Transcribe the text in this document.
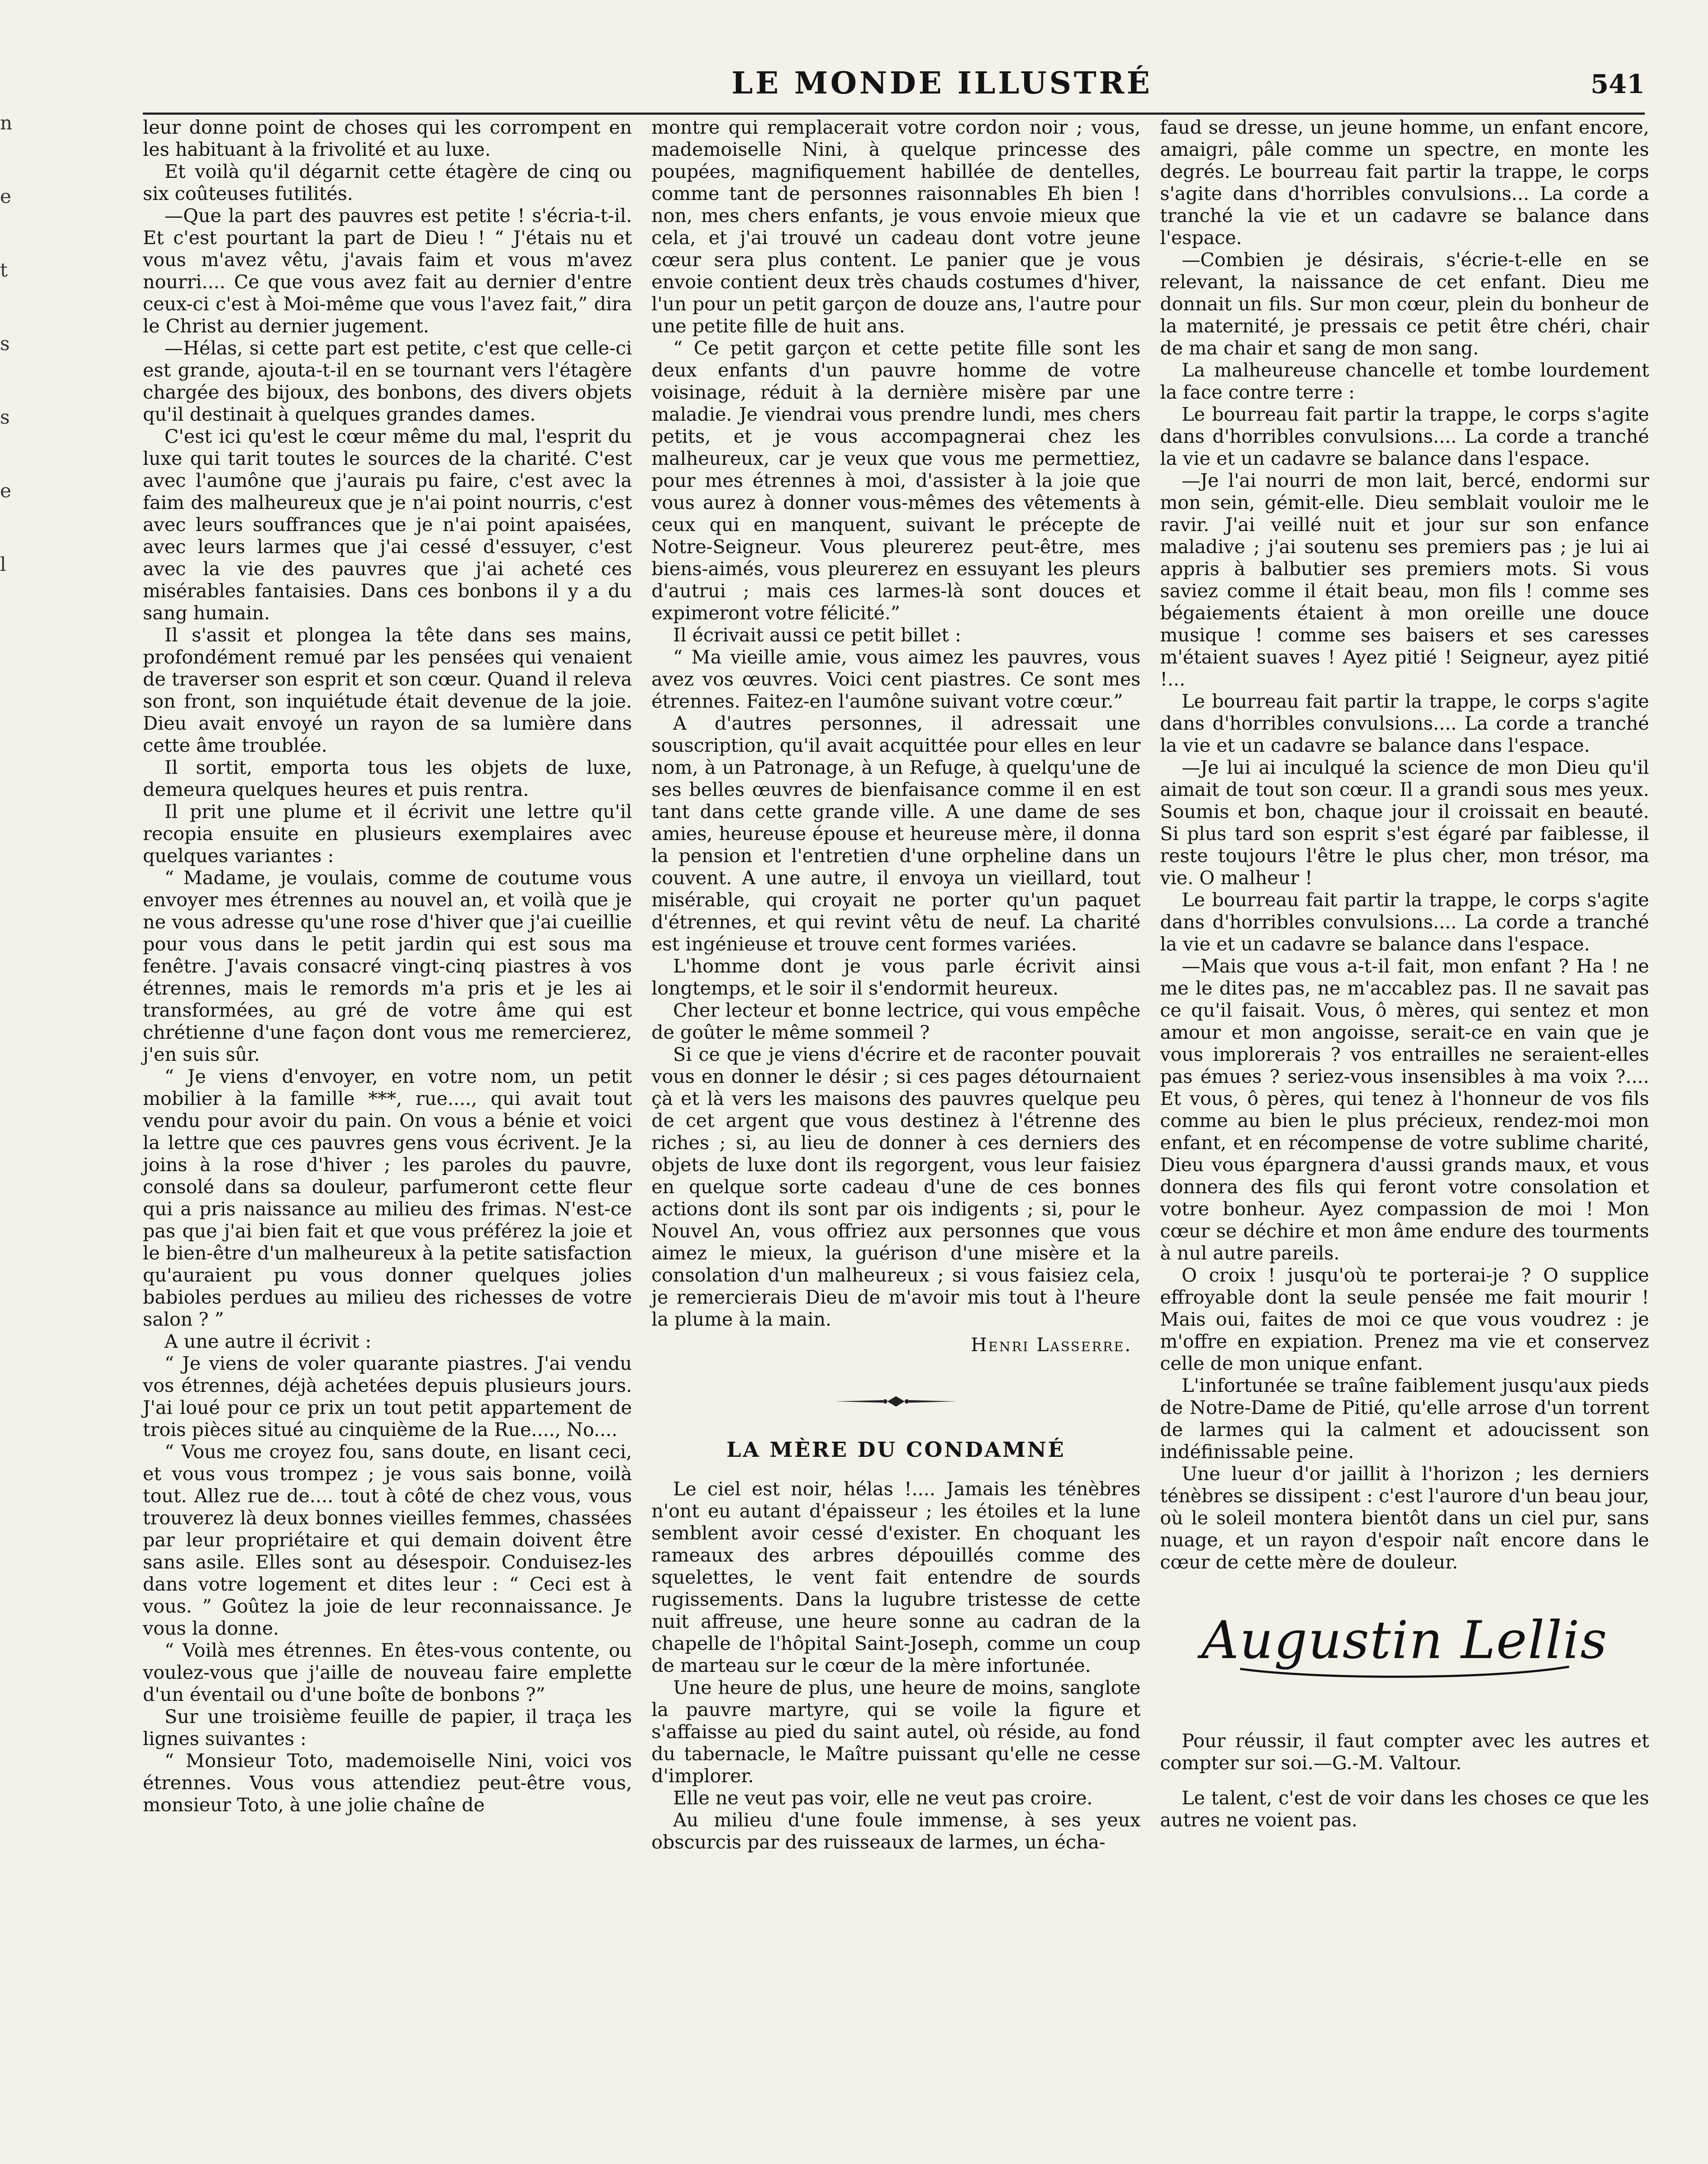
LE MONDE ILLUSTRÉ	541
n
e
t
s
s
e
l

leur donne point de choses qui les corrompent en les habituant à la frivolité et au luxe.

Et voilà qu'il dégarnit cette étagère de cinq ou six coûteuses futilités.

—Que la part des pauvres est petite ! s'écria-t-il. Et c'est pourtant la part de Dieu ! “ J'étais nu et vous m'avez vêtu, j'avais faim et vous m'avez nourri.... Ce que vous avez fait au dernier d'entre ceux-ci c'est à Moi-même que vous l'avez fait,” dira le Christ au dernier jugement.

—Hélas, si cette part est petite, c'est que celle-ci est grande, ajouta-t-il en se tournant vers l'étagère chargée des bijoux, des bonbons, des divers objets qu'il destinait à quelques grandes dames.

C'est ici qu'est le cœur même du mal, l'esprit du luxe qui tarit toutes le sources de la charité. C'est avec l'aumône que j'aurais pu faire, c'est avec la faim des malheureux que je n'ai point nourris, c'est avec leurs souffrances que je n'ai point apaisées, avec leurs larmes que j'ai cessé d'essuyer, c'est avec la vie des pauvres que j'ai acheté ces misérables fantaisies. Dans ces bonbons il y a du sang humain.

Il s'assit et plongea la tête dans ses mains, profondément remué par les pensées qui venaient de traverser son esprit et son cœur. Quand il releva son front, son inquiétude était devenue de la joie. Dieu avait envoyé un rayon de sa lumière dans cette âme troublée.

Il sortit, emporta tous les objets de luxe, demeura quelques heures et puis rentra.

Il prit une plume et il écrivit une lettre qu'il recopia ensuite en plusieurs exemplaires avec quelques variantes :

“ Madame, je voulais, comme de coutume vous envoyer mes étrennes au nouvel an, et voilà que je ne vous adresse qu'une rose d'hiver que j'ai cueillie pour vous dans le petit jardin qui est sous ma fenêtre. J'avais consacré vingt-cinq piastres à vos étrennes, mais le remords m'a pris et je les ai transformées, au gré de votre âme qui est chrétienne d'une façon dont vous me remercierez, j'en suis sûr.

“ Je viens d'envoyer, en votre nom, un petit mobilier à la famille ***, rue...., qui avait tout vendu pour avoir du pain. On vous a bénie et voici la lettre que ces pauvres gens vous écrivent. Je la joins à la rose d'hiver ; les paroles du pauvre, consolé dans sa douleur, parfumeront cette fleur qui a pris naissance au milieu des frimas. N'est-ce pas que j'ai bien fait et que vous préférez la joie et le bien-être d'un malheureux à la petite satisfaction qu'auraient pu vous donner quelques jolies babioles perdues au milieu des richesses de votre salon ? ”

A une autre il écrivit :

“ Je viens de voler quarante piastres. J'ai vendu vos étrennes, déjà achetées depuis plusieurs jours. J'ai loué pour ce prix un tout petit appartement de trois pièces situé au cinquième de la Rue...., No....

“ Vous me croyez fou, sans doute, en lisant ceci, et vous vous trompez ; je vous sais bonne, voilà tout. Allez rue de.... tout à côté de chez vous, vous trouverez là deux bonnes vieilles femmes, chassées par leur propriétaire et qui demain doivent être sans asile. Elles sont au désespoir. Conduisez-les dans votre logement et dites leur : “ Ceci est à vous. ” Goûtez la joie de leur reconnaissance. Je vous la donne.

“ Voilà mes étrennes. En êtes-vous contente, ou voulez-vous que j'aille de nouveau faire emplette d'un éventail ou d'une boîte de bonbons ?”

Sur une troisième feuille de papier, il traça les lignes suivantes :

“ Monsieur Toto, mademoiselle Nini, voici vos étrennes. Vous vous attendiez peut-être vous, monsieur Toto, à une jolie chaîne de

montre qui remplacerait votre cordon noir ; vous, mademoiselle Nini, à quelque princesse des poupées, magnifiquement habillée de dentelles, comme tant de personnes raisonnables Eh bien ! non, mes chers enfants, je vous envoie mieux que cela, et j'ai trouvé un cadeau dont votre jeune cœur sera plus content. Le panier que je vous envoie contient deux très chauds costumes d'hiver, l'un pour un petit garçon de douze ans, l'autre pour une petite fille de huit ans.

“ Ce petit garçon et cette petite fille sont les deux enfants d'un pauvre homme de votre voisinage, réduit à la dernière misère par une maladie. Je viendrai vous prendre lundi, mes chers petits, et je vous accompagnerai chez les malheureux, car je veux que vous me permettiez, pour mes étrennes à moi, d'assister à la joie que vous aurez à donner vous-mêmes des vêtements à ceux qui en manquent, suivant le précepte de Notre-Seigneur. Vous pleurerez peut-être, mes biens-aimés, vous pleurerez en essuyant les pleurs d'autrui ; mais ces larmes-là sont douces et expimeront votre félicité.”

Il écrivait aussi ce petit billet :

“ Ma vieille amie, vous aimez les pauvres, vous avez vos œuvres. Voici cent piastres. Ce sont mes étrennes. Faitez-en l'aumône suivant votre cœur.”

A d'autres personnes, il adressait une souscription, qu'il avait acquittée pour elles en leur nom, à un Patronage, à un Refuge, à quelqu'une de ses belles œuvres de bienfaisance comme il en est tant dans cette grande ville. A une dame de ses amies, heureuse épouse et heureuse mère, il donna la pension et l'entretien d'une orpheline dans un couvent. A une autre, il envoya un vieillard, tout misérable, qui croyait ne porter qu'un paquet d'étrennes, et qui revint vêtu de neuf. La charité est ingénieuse et trouve cent formes variées.

L'homme dont je vous parle écrivit ainsi longtemps, et le soir il s'endormit heureux.

Cher lecteur et bonne lectrice, qui vous empêche de goûter le même sommeil ?

Si ce que je viens d'écrire et de raconter pouvait vous en donner le désir ; si ces pages détournaient çà et là vers les maisons des pauvres quelque peu de cet argent que vous destinez à l'étrenne des riches ; si, au lieu de donner à ces derniers des objets de luxe dont ils regorgent, vous leur faisiez en quelque sorte cadeau d'une de ces bonnes actions dont ils sont par ois indigents ; si, pour le Nouvel An, vous offriez aux personnes que vous aimez le mieux, la guérison d'une misère et la consolation d'un malheureux ; si vous faisiez cela, je remercierais Dieu de m'avoir mis tout à l'heure la plume à la main.

Henri Lasserre.
LA MÈRE DU CONDAMNÉ

Le ciel est noir, hélas !.... Jamais les ténèbres n'ont eu autant d'épaisseur ; les étoiles et la lune semblent avoir cessé d'exister. En choquant les rameaux des arbres dépouillés comme des squelettes, le vent fait entendre de sourds rugissements. Dans la lugubre tristesse de cette nuit affreuse, une heure sonne au cadran de la chapelle de l'hôpital Saint-Joseph, comme un coup de marteau sur le cœur de la mère infortunée.

Une heure de plus, une heure de moins, sanglote la pauvre martyre, qui se voile la figure et s'affaisse au pied du saint autel, où réside, au fond du tabernacle, le Maître puissant qu'elle ne cesse d'implorer.

Elle ne veut pas voir, elle ne veut pas croire.

Au milieu d'une foule immense, à ses yeux obscurcis par des ruisseaux de larmes, un écha-

faud se dresse, un jeune homme, un enfant encore, amaigri, pâle comme un spectre, en monte les degrés. Le bourreau fait partir la trappe, le corps s'agite dans d'horribles convulsions... La corde a tranché la vie et un cadavre se balance dans l'espace.

—Combien je désirais, s'écrie-t-elle en se relevant, la naissance de cet enfant. Dieu me donnait un fils. Sur mon cœur, plein du bonheur de la maternité, je pressais ce petit être chéri, chair de ma chair et sang de mon sang.

La malheureuse chancelle et tombe lourdement la face contre terre :

Le bourreau fait partir la trappe, le corps s'agite dans d'horribles convulsions.... La corde a tranché la vie et un cadavre se balance dans l'espace.

—Je l'ai nourri de mon lait, bercé, endormi sur mon sein, gémit-elle. Dieu semblait vouloir me le ravir. J'ai veillé nuit et jour sur son enfance maladive ; j'ai soutenu ses premiers pas ; je lui ai appris à balbutier ses premiers mots. Si vous saviez comme il était beau, mon fils ! comme ses bégaiements étaient à mon oreille une douce musique ! comme ses baisers et ses caresses m'étaient suaves ! Ayez pitié ! Seigneur, ayez pitié !...

Le bourreau fait partir la trappe, le corps s'agite dans d'horribles convulsions.... La corde a tranché la vie et un cadavre se balance dans l'espace.

—Je lui ai inculqué la science de mon Dieu qu'il aimait de tout son cœur. Il a grandi sous mes yeux. Soumis et bon, chaque jour il croissait en beauté. Si plus tard son esprit s'est égaré par faiblesse, il reste toujours l'être le plus cher, mon trésor, ma vie. O malheur !

Le bourreau fait partir la trappe, le corps s'agite dans d'horribles convulsions.... La corde a tranché la vie et un cadavre se balance dans l'espace.

—Mais que vous a-t-il fait, mon enfant ? Ha ! ne me le dites pas, ne m'accablez pas. Il ne savait pas ce qu'il faisait. Vous, ô mères, qui sentez et mon amour et mon angoisse, serait-ce en vain que je vous implorerais ? vos entrailles ne seraient-elles pas émues ? seriez-vous insensibles à ma voix ?.... Et vous, ô pères, qui tenez à l'honneur de vos fils comme au bien le plus précieux, rendez-moi mon enfant, et en récompense de votre sublime charité, Dieu vous épargnera d'aussi grands maux, et vous donnera des fils qui feront votre consolation et votre bonheur. Ayez compassion de moi ! Mon cœur se déchire et mon âme endure des tourments à nul autre pareils.

O croix ! jusqu'où te porterai-je ? O supplice effroyable dont la seule pensée me fait mourir ! Mais oui, faites de moi ce que vous voudrez : je m'offre en expiation. Prenez ma vie et conservez celle de mon unique enfant.

L'infortunée se traîne faiblement jusqu'aux pieds de Notre-Dame de Pitié, qu'elle arrose d'un torrent de larmes qui la calment et adoucissent son indéfinissable peine.

Une lueur d'or jaillit à l'horizon ; les derniers ténèbres se dissipent : c'est l'aurore d'un beau jour, où le soleil montera bientôt dans un ciel pur, sans nuage, et un rayon d'espoir naît encore dans le cœur de cette mère de douleur.

Augustin Lellis

Pour réussir, il faut compter avec les autres et compter sur soi.—G.-M. Valtour.

Le talent, c'est de voir dans les choses ce que les autres ne voient pas.
